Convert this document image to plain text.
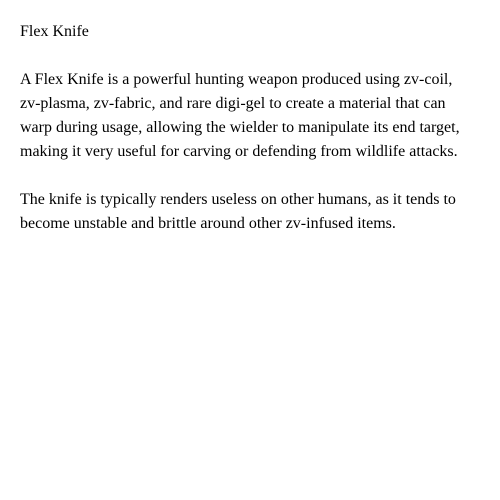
Flex Knife

A Flex Knife is a powerful hunting weapon produced using zv-coil, zv-plasma, zv-fabric, and rare digi-gel to create a material that can warp during usage, allowing the wielder to manipulate its end target, making it very useful for carving or defending from wildlife attacks.

The knife is typically renders useless on other humans, as it tends to become unstable and brittle around other zv-infused items.
